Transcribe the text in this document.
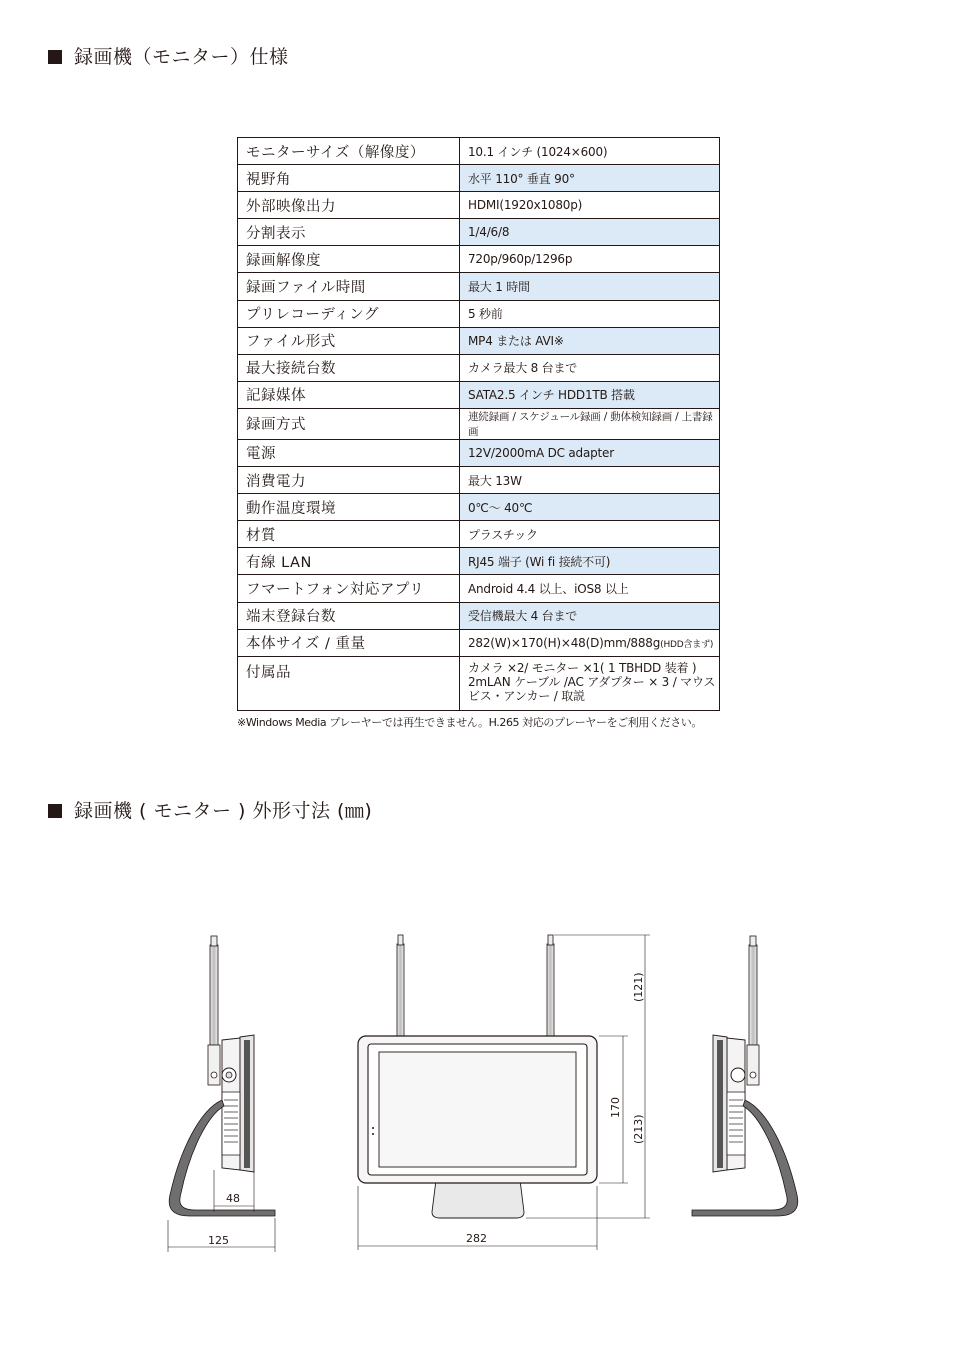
録画機（モニター）仕様
モニターサイズ（解像度）	10.1 インチ (1024×600)
視野角	水平 110° 垂直 90°
外部映像出力	HDMI(1920x1080p)
分割表示	1/4/6/8
録画解像度	720p/960p/1296p
録画ファイル時間	最大 1 時間
プリレコーディング	5 秒前
ファイル形式	MP4 または AVI※
最大接続台数	カメラ最大 8 台まで
記録媒体	SATA2.5 インチ HDD1TB 搭載
録画方式	連続録画 / スケジュール録画 / 動体検知録画 / 上書録画
電源	12V/2000mA DC adapter
消費電力	最大 13W
動作温度環境	0℃～ 40℃
材質	プラスチック
有線 LAN	RJ45 端子 (Wi fi 接続不可)
フマートフォン対応アプリ	Android 4.4 以上、iOS8 以上
端末登録台数	受信機最大 4 台まで
本体サイズ / 重量	282(W)×170(H)×48(D)mm/888g(HDD含まず)
付属品	カメラ ×2/ モニター ×1( 1 TBHDD 装着 )
2mLAN ケーブル /AC アダプター × 3 / マウス
ビス・アンカー / 取説
※Windows Media プレーヤーでは再生できません。H.265 対応のプレーヤーをご利用ください。
録画機 ( モニター ) 外形寸法 (㎜)
48
125	282
(121)
170
(213)
